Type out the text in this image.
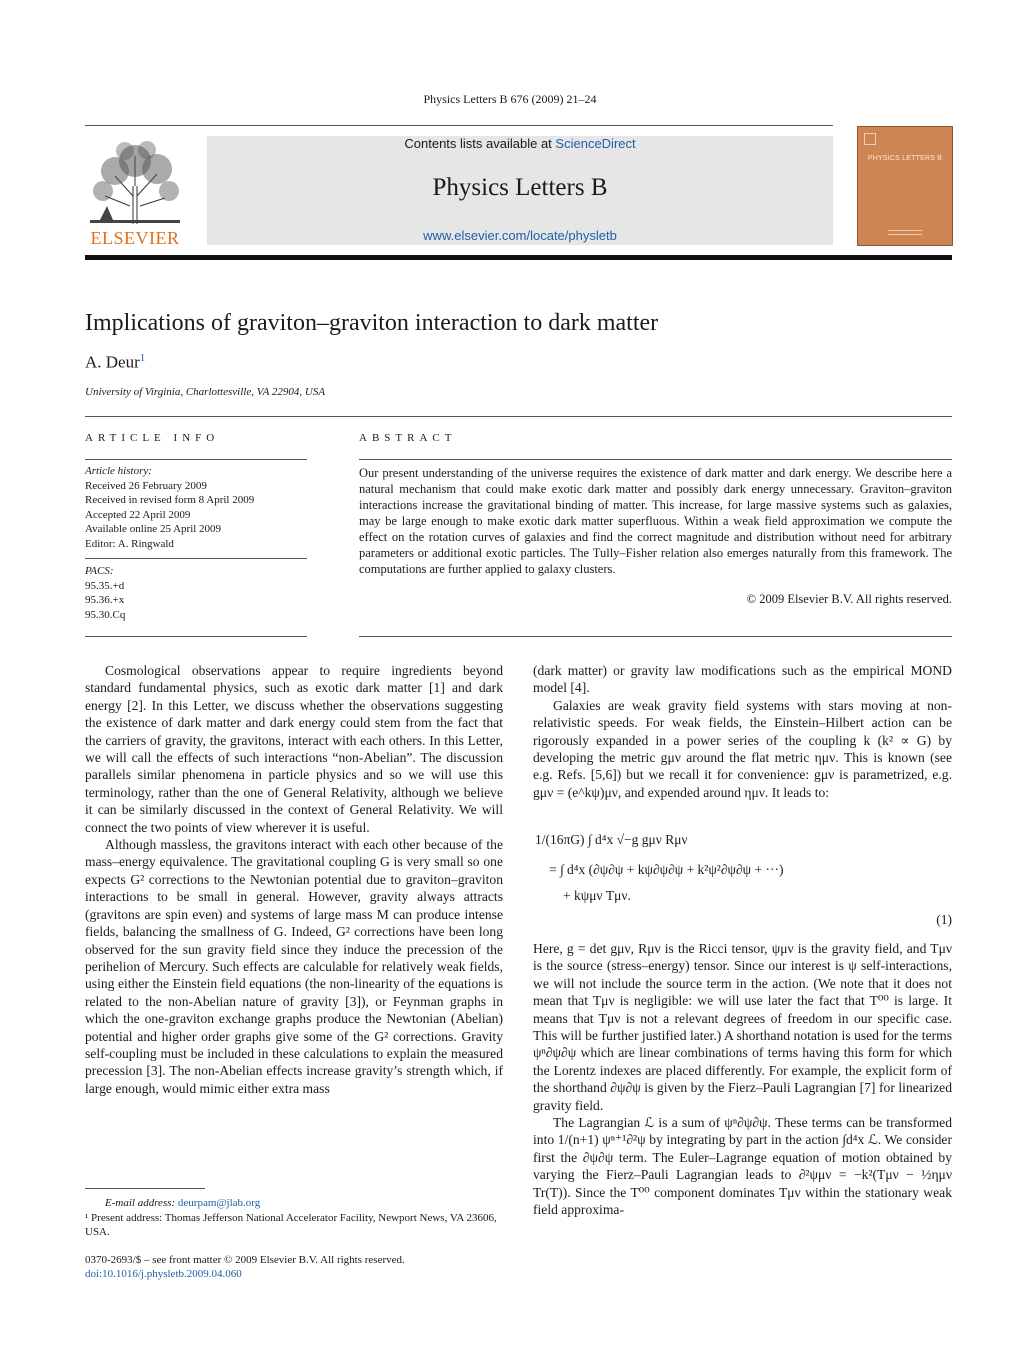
Physics Letters B 676 (2009) 21–24
ELSEVIER
Contents lists available at ScienceDirect
Physics Letters B
www.elsevier.com/locate/physletb
PHYSICS LETTERS B
Implications of graviton–graviton interaction to dark matter
A. Deur$^1$
University of Virginia, Charlottesville, VA 22904, USA
ARTICLE INFO
Article history:
Received 26 February 2009
Received in revised form 8 April 2009
Accepted 22 April 2009
Available online 25 April 2009
Editor: A. Ringwald
PACS:
95.35.+d
95.36.+x
95.30.Cq
ABSTRACT
Our present understanding of the universe requires the existence of dark matter and dark energy. We describe here a natural mechanism that could make exotic dark matter and possibly dark energy unnecessary. Graviton–graviton interactions increase the gravitational binding of matter. This increase, for large massive systems such as galaxies, may be large enough to make exotic dark matter superfluous. Within a weak field approximation we compute the effect on the rotation curves of galaxies and find the correct magnitude and distribution without need for arbitrary parameters or additional exotic particles. The Tully–Fisher relation also emerges naturally from this framework. The computations are further applied to galaxy clusters.
© 2009 Elsevier B.V. All rights reserved.

Cosmological observations appear to require ingredients beyond standard fundamental physics, such as exotic dark matter [1] and dark energy [2]. In this Letter, we discuss whether the observations suggesting the existence of dark matter and dark energy could stem from the fact that the carriers of gravity, the gravitons, interact with each others. In this Letter, we will call the effects of such interactions “non-Abelian”. The discussion parallels similar phenomena in particle physics and so we will use this terminology, rather than the one of General Relativity, although we believe it can be similarly discussed in the context of General Relativity. We will connect the two points of view wherever it is useful.

Although massless, the gravitons interact with each other because of the mass–energy equivalence. The gravitational coupling G is very small so one expects G² corrections to the Newtonian potential due to graviton–graviton interactions to be small in general. However, gravity always attracts (gravitons are spin even) and systems of large mass M can produce intense fields, balancing the smallness of G. Indeed, G² corrections have been long observed for the sun gravity field since they induce the precession of the perihelion of Mercury. Such effects are calculable for relatively weak fields, using either the Einstein field equations (the non-linearity of the equations is related to the non-Abelian nature of gravity [3]), or Feynman graphs in which the one-graviton exchange graphs produce the Newtonian (Abelian) potential and higher order graphs give some of the G² corrections. Gravity self-coupling must be included in these calculations to explain the measured precession [3]. The non-Abelian effects increase gravity’s strength which, if large enough, would mimic either extra mass

(dark matter) or gravity law modifications such as the empirical MOND model [4].

Galaxies are weak gravity field systems with stars moving at non-relativistic speeds. For weak fields, the Einstein–Hilbert action can be rigorously expanded in a power series of the coupling k (k² ∝ G) by developing the metric gμν around the flat metric ημν. This is known (see e.g. Refs. [5,6]) but we recall it for convenience: gμν is parametrized, e.g. gμν = (e^kψ)μν, and expended around ημν. It leads to:

1/(16πG) ∫ d⁴x √−g gμν Rμν
= ∫ d⁴x (∂ψ∂ψ + kψ∂ψ∂ψ + k²ψ²∂ψ∂ψ + ···)
+ kψμν Tμν.
(1)

Here, g = det gμν, Rμν is the Ricci tensor, ψμν is the gravity field, and Tμν is the source (stress–energy) tensor. Since our interest is ψ self-interactions, we will not include the source term in the action. (We note that it does not mean that Tμν is negligible: we will use later the fact that T⁰⁰ is large. It means that Tμν is not a relevant degrees of freedom in our specific case. This will be further justified later.) A shorthand notation is used for the terms ψⁿ∂ψ∂ψ which are linear combinations of terms having this form for which the Lorentz indexes are placed differently. For example, the explicit form of the shorthand ∂ψ∂ψ is given by the Fierz–Pauli Lagrangian [7] for linearized gravity field.

The Lagrangian ℒ is a sum of ψⁿ∂ψ∂ψ. These terms can be transformed into 1/(n+1) ψⁿ⁺¹∂²ψ by integrating by part in the action ∫d⁴x ℒ. We consider first the ∂ψ∂ψ term. The Euler–Lagrange equation of motion obtained by varying the Fierz–Pauli Lagrangian leads to ∂²ψμν = −k²(Tμν − ½ημν Tr(T)). Since the T⁰⁰ component dominates Tμν within the stationary weak field approxima-

E-mail address: deurpam@jlab.org
¹ Present address: Thomas Jefferson National Accelerator Facility, Newport News, VA 23606, USA.
0370-2693/$ – see front matter © 2009 Elsevier B.V. All rights reserved.
doi:10.1016/j.physletb.2009.04.060
